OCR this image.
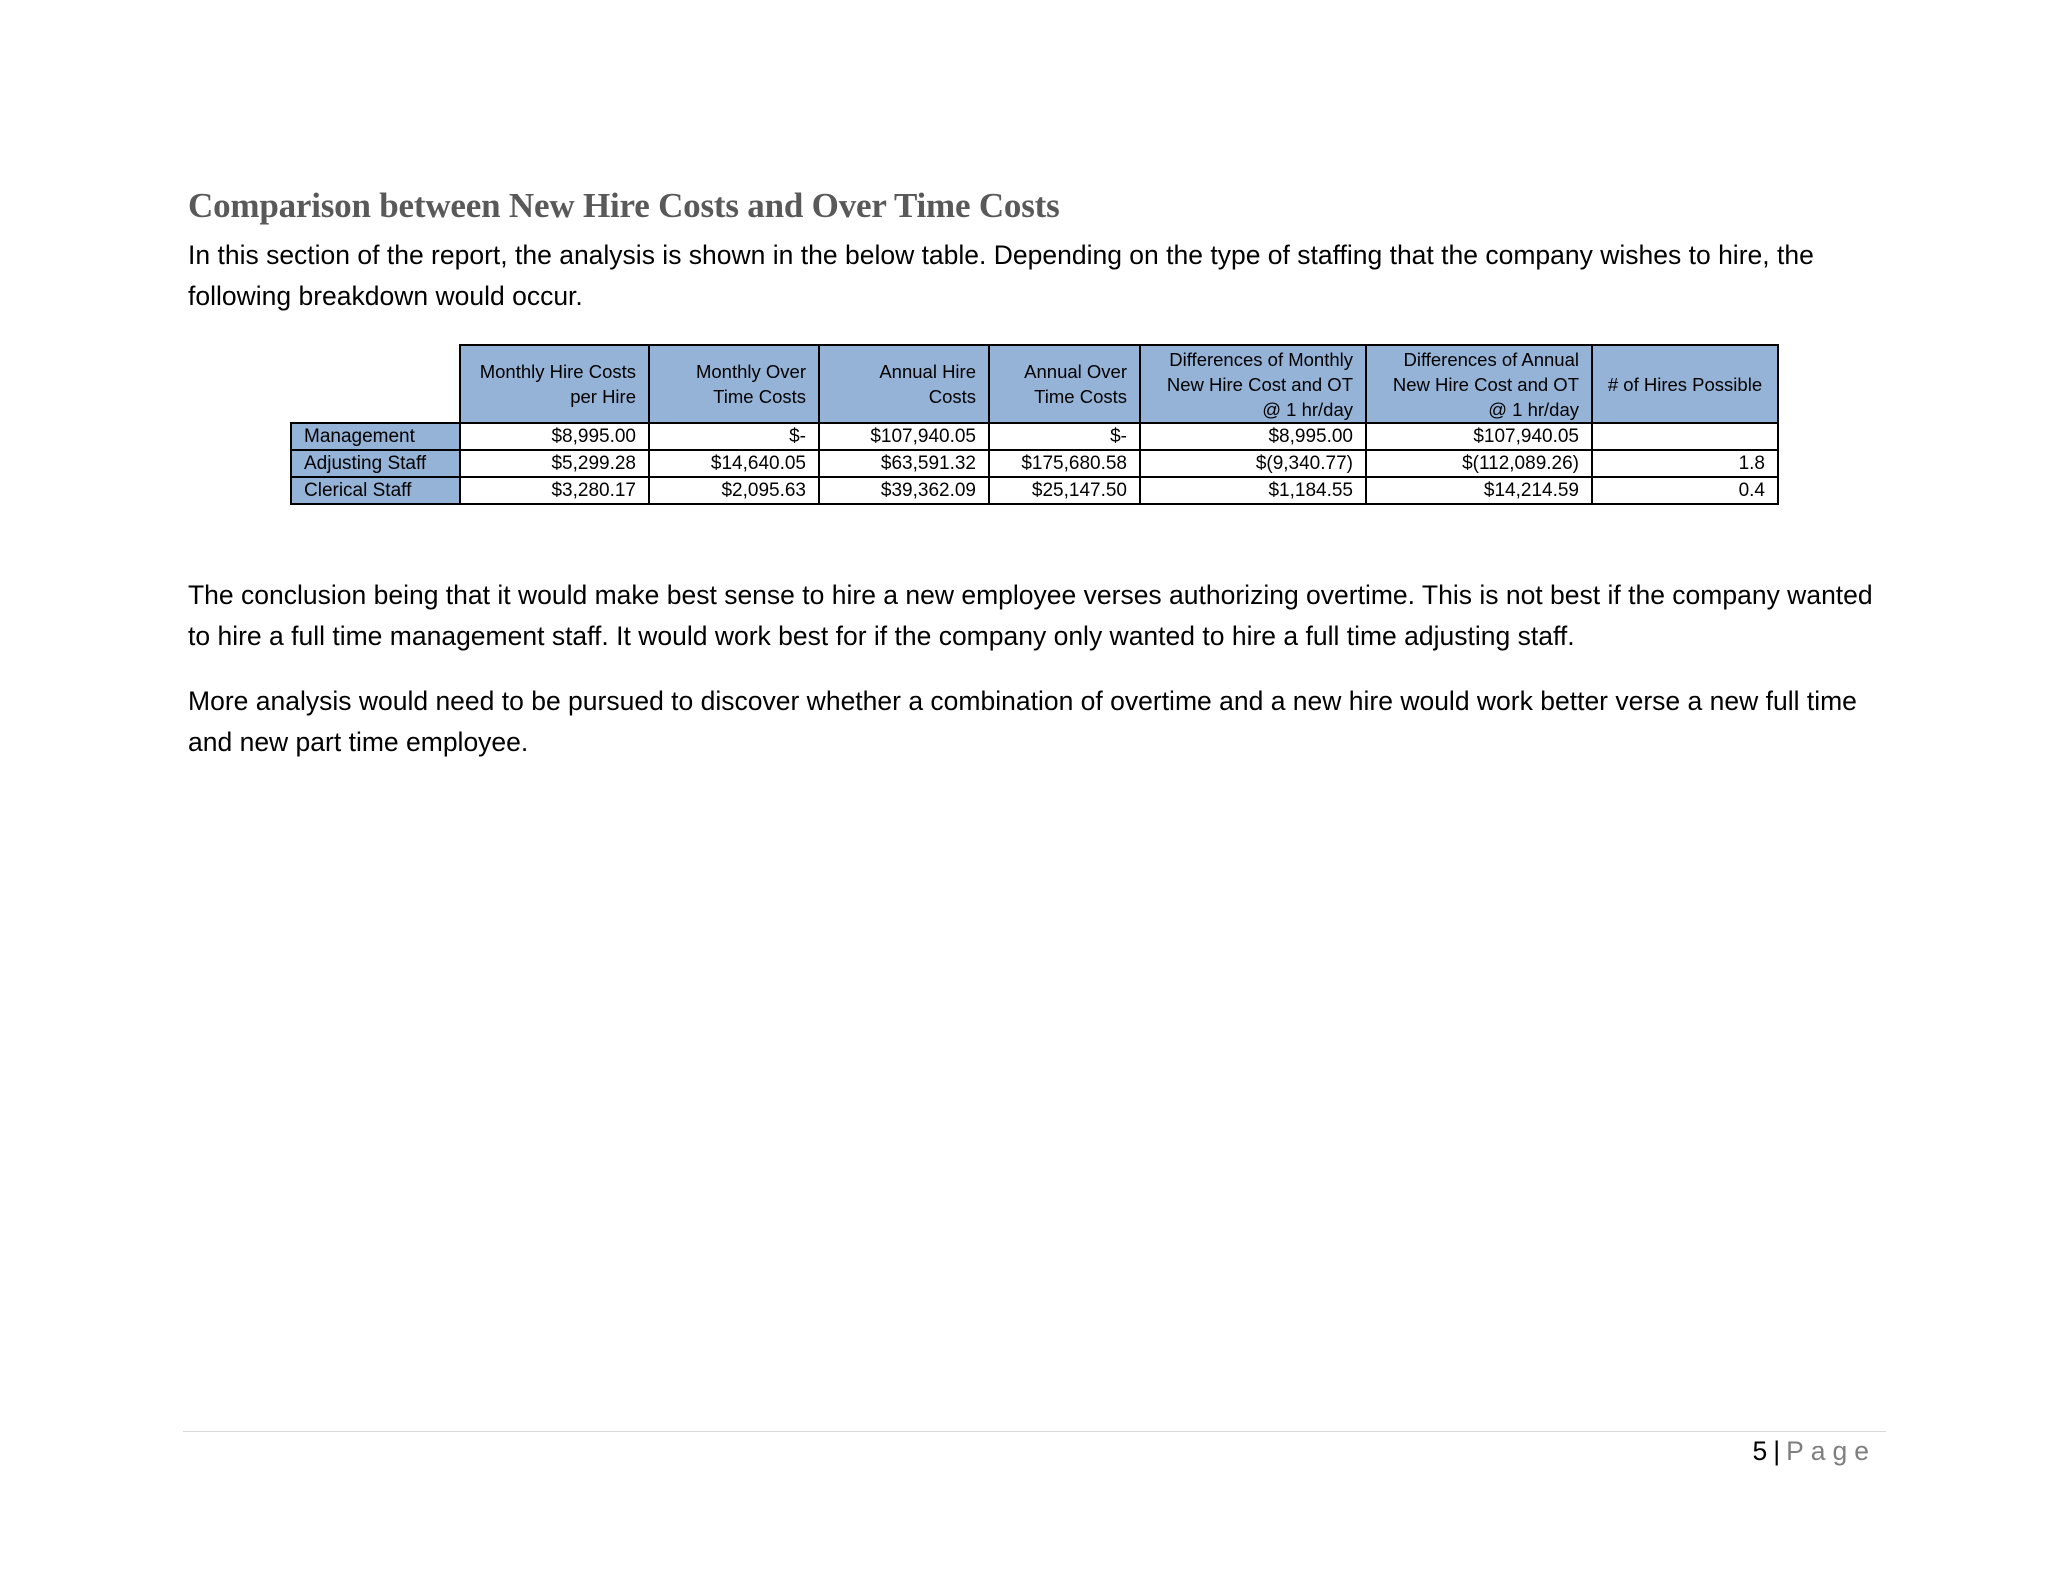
Comparison between New Hire Costs and Over Time Costs

In this section of the report, the analysis is shown in the below table. Depending on the type of staffing that the company wishes to hire, the following breakdown would occur.

	Monthly Hire Costs per Hire	Monthly Over Time Costs	Annual Hire Costs	Annual Over Time Costs	Differences of Monthly New Hire Cost and OT @ 1 hr/day	Differences of Annual New Hire Cost and OT @ 1 hr/day	# of Hires Possible
Management	$8,995.00	$-	$107,940.05	$-	$8,995.00	$107,940.05	
Adjusting Staff	$5,299.28	$14,640.05	$63,591.32	$175,680.58	$(9,340.77)	$(112,089.26)	1.8
Clerical Staff	$3,280.17	$2,095.63	$39,362.09	$25,147.50	$1,184.55	$14,214.59	0.4

The conclusion being that it would make best sense to hire a new employee verses authorizing overtime. This is not best if the company wanted to hire a full time management staff. It would work best for if the company only wanted to hire a full time adjusting staff.

More analysis would need to be pursued to discover whether a combination of overtime and a new hire would work better verse a new full time and new part time employee.

5 | Page
